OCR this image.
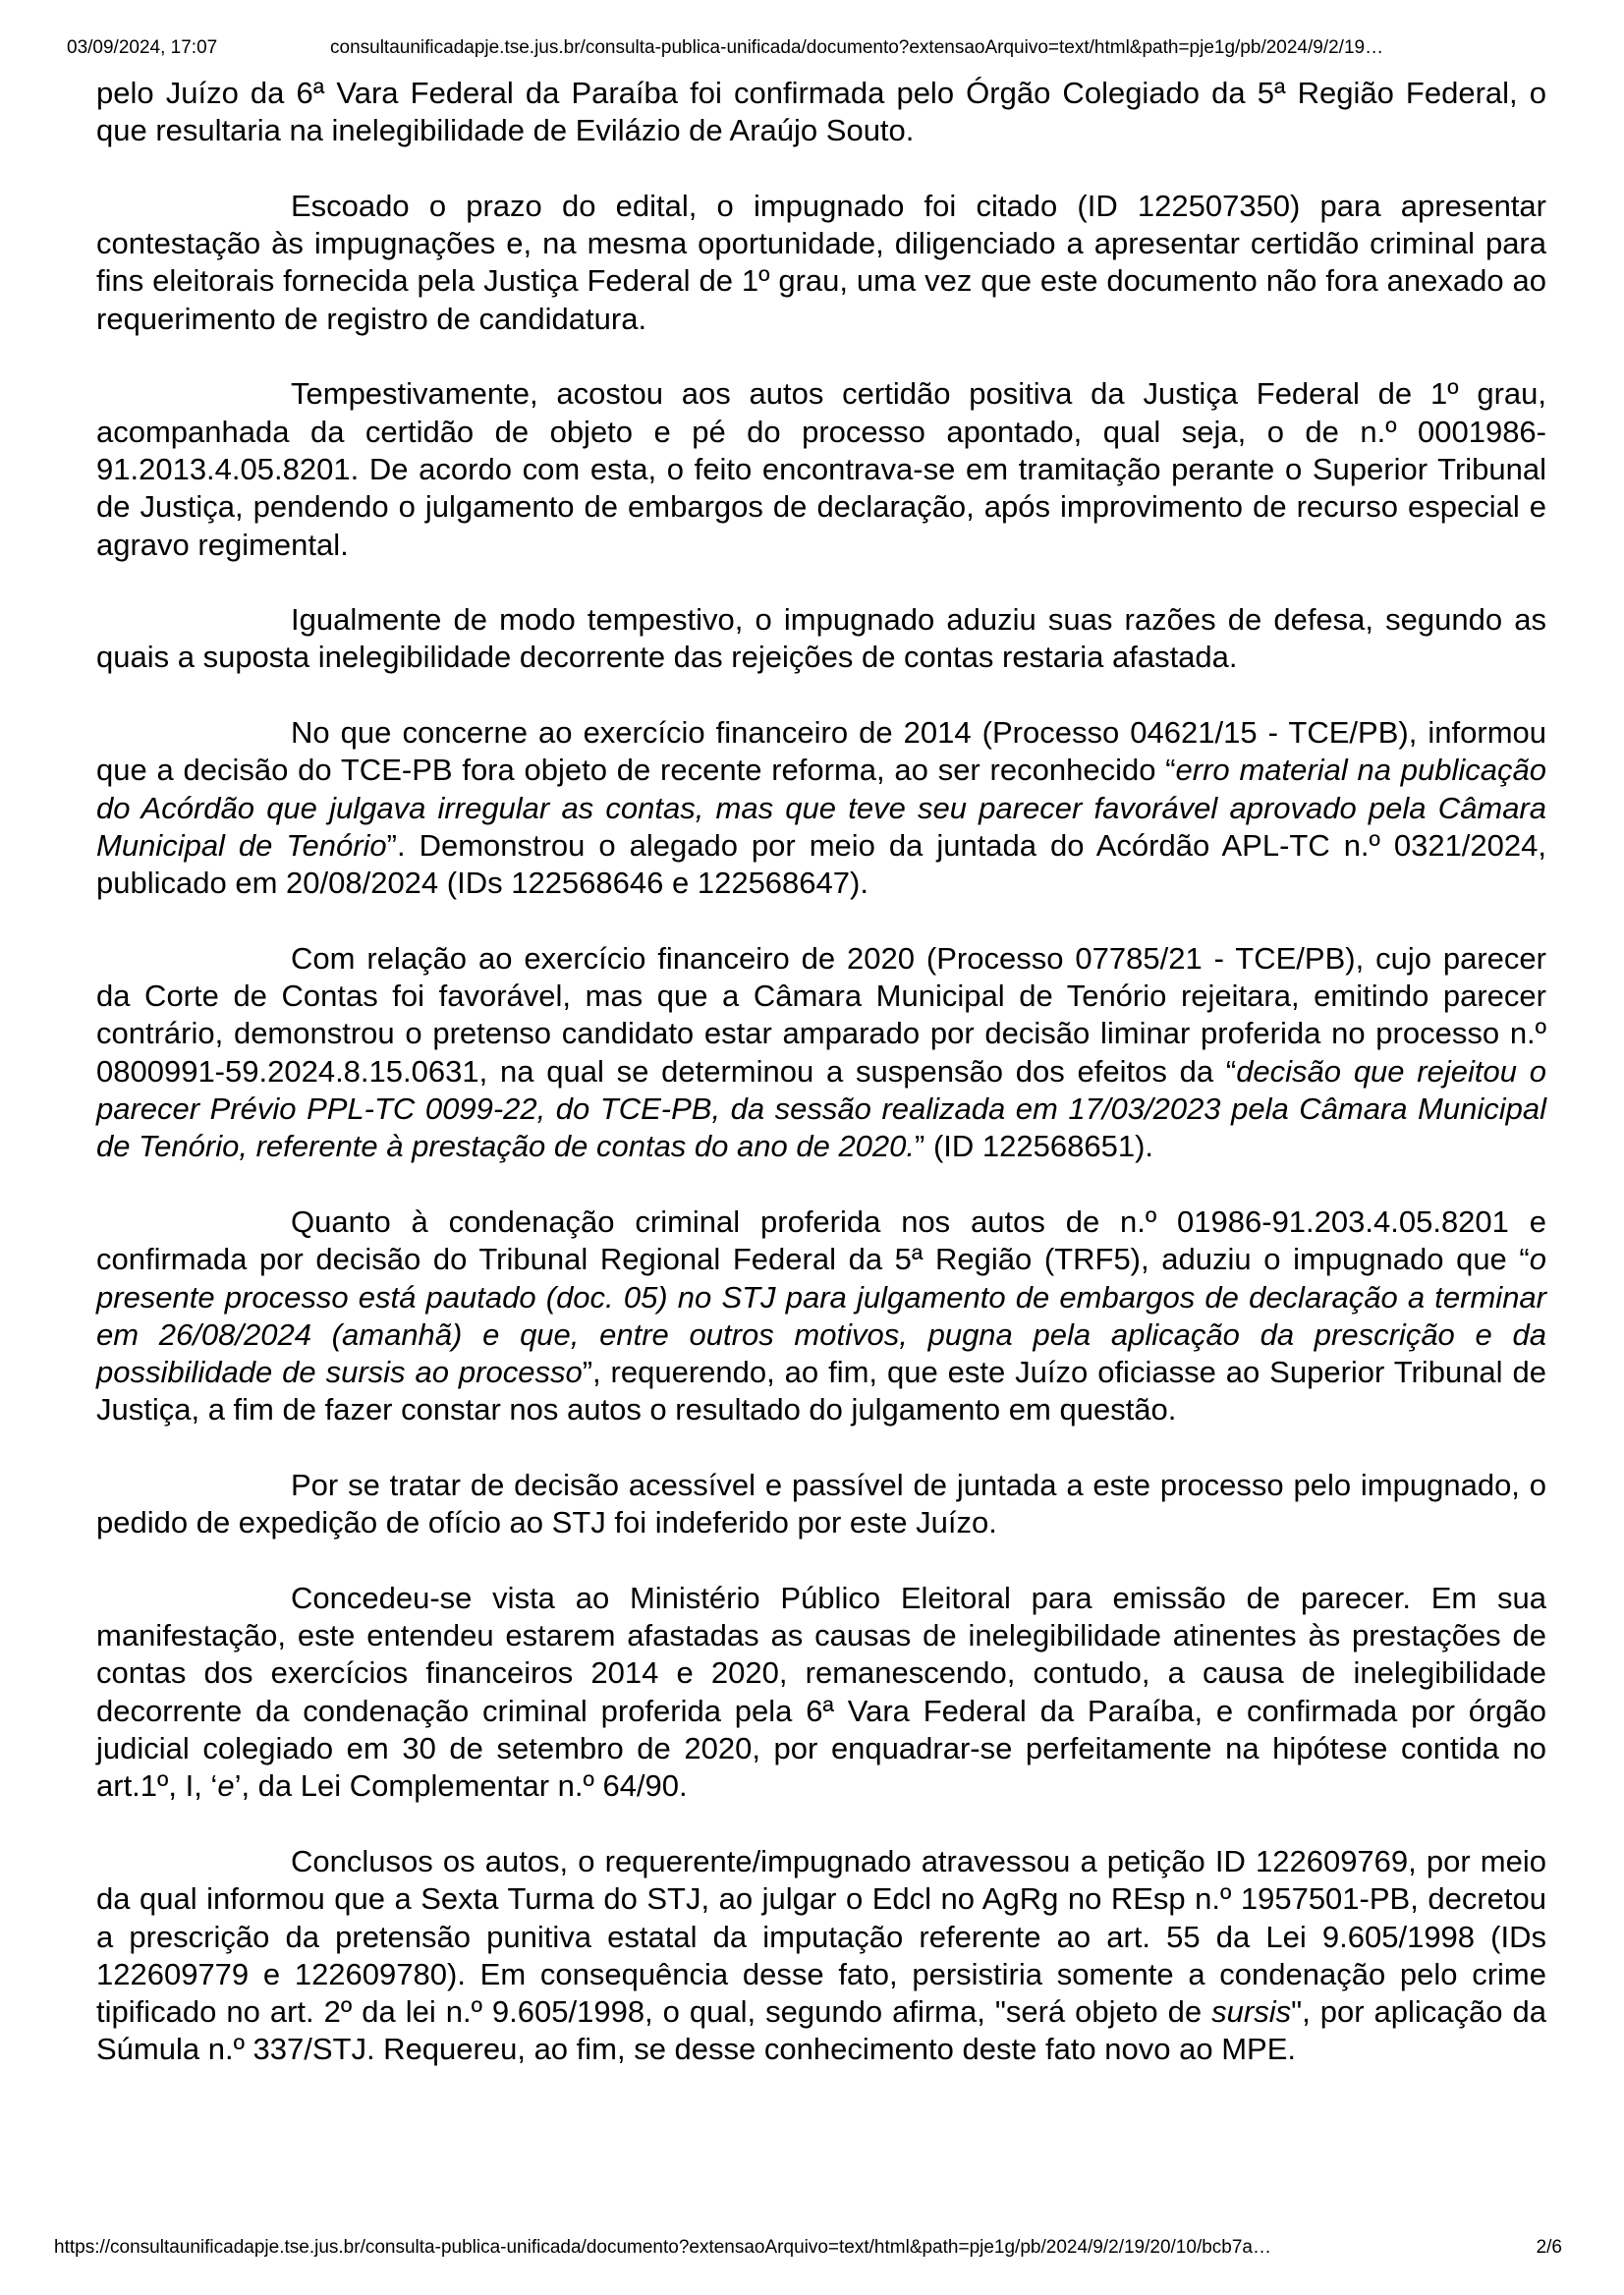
03/09/2024, 17:07	consultaunificadapje.tse.jus.br/consulta-publica-unificada/documento?extensaoArquivo=text/html&path=pje1g/pb/2024/9/2/19…

pelo Juízo da 6ª Vara Federal da Paraíba foi confirmada pelo Órgão Colegiado da 5ª Região Federal, o que resultaria na inelegibilidade de Evilázio de Araújo Souto.

Escoado o prazo do edital, o impugnado foi citado (ID 122507350) para apresentar contestação às impugnações e, na mesma oportunidade, diligenciado a apresentar certidão criminal para fins eleitorais fornecida pela Justiça Federal de 1º grau, uma vez que este documento não fora anexado ao requerimento de registro de candidatura.

Tempestivamente, acostou aos autos certidão positiva da Justiça Federal de 1º grau, acompanhada da certidão de objeto e pé do processo apontado, qual seja, o de n.º 0001986-91.2013.4.05.8201. De acordo com esta, o feito encontrava-se em tramitação perante o Superior Tribunal de Justiça, pendendo o julgamento de embargos de declaração, após improvimento de recurso especial e agravo regimental.

Igualmente de modo tempestivo, o impugnado aduziu suas razões de defesa, segundo as quais a suposta inelegibilidade decorrente das rejeições de contas restaria afastada.

No que concerne ao exercício financeiro de 2014 (Processo 04621/15 - TCE/PB), informou que a decisão do TCE-PB fora objeto de recente reforma, ao ser reconhecido “erro material na publicação do Acórdão que julgava irregular as contas, mas que teve seu parecer favorável aprovado pela Câmara Municipal de Tenório”. Demonstrou o alegado por meio da juntada do Acórdão APL-TC n.º 0321/2024, publicado em 20/08/2024 (IDs 122568646 e 122568647).

Com relação ao exercício financeiro de 2020 (Processo 07785/21 - TCE/PB), cujo parecer da Corte de Contas foi favorável, mas que a Câmara Municipal de Tenório rejeitara, emitindo parecer contrário, demonstrou o pretenso candidato estar amparado por decisão liminar proferida no processo n.º 0800991-59.2024.8.15.0631, na qual se determinou a suspensão dos efeitos da “decisão que rejeitou o parecer Prévio PPL-TC 0099-22, do TCE-PB, da sessão realizada em 17/03/2023 pela Câmara Municipal de Tenório, referente à prestação de contas do ano de 2020.” (ID 122568651).

Quanto à condenação criminal proferida nos autos de n.º 01986-91.203.4.05.8201 e confirmada por decisão do Tribunal Regional Federal da 5ª Região (TRF5), aduziu o impugnado que “o presente processo está pautado (doc. 05) no STJ para julgamento de embargos de declaração a terminar em 26/08/2024 (amanhã) e que, entre outros motivos, pugna pela aplicação da prescrição e da possibilidade de sursis ao processo”, requerendo, ao fim, que este Juízo oficiasse ao Superior Tribunal de Justiça, a fim de fazer constar nos autos o resultado do julgamento em questão.

Por se tratar de decisão acessível e passível de juntada a este processo pelo impugnado, o pedido de expedição de ofício ao STJ foi indeferido por este Juízo.

Concedeu-se vista ao Ministério Público Eleitoral para emissão de parecer. Em sua manifestação, este entendeu estarem afastadas as causas de inelegibilidade atinentes às prestações de contas dos exercícios financeiros 2014 e 2020, remanescendo, contudo, a causa de inelegibilidade decorrente da condenação criminal proferida pela 6ª Vara Federal da Paraíba, e confirmada por órgão judicial colegiado em 30 de setembro de 2020, por enquadrar-se perfeitamente na hipótese contida no art.1º, I, ‘e’, da Lei Complementar n.º 64/90.

Conclusos os autos, o requerente/impugnado atravessou a petição ID 122609769, por meio da qual informou que a Sexta Turma do STJ, ao julgar o Edcl no AgRg no REsp n.º 1957501-PB, decretou a prescrição da pretensão punitiva estatal da imputação referente ao art. 55 da Lei 9.605/1998 (IDs 122609779 e 122609780). Em consequência desse fato, persistiria somente a condenação pelo crime tipificado no art. 2º da lei n.º 9.605/1998, o qual, segundo afirma, "será objeto de sursis", por aplicação da Súmula n.º 337/STJ. Requereu, ao fim, se desse conhecimento deste fato novo ao MPE.

https://consultaunificadapje.tse.jus.br/consulta-publica-unificada/documento?extensaoArquivo=text/html&path=pje1g/pb/2024/9/2/19/20/10/bcb7a…	2/6
